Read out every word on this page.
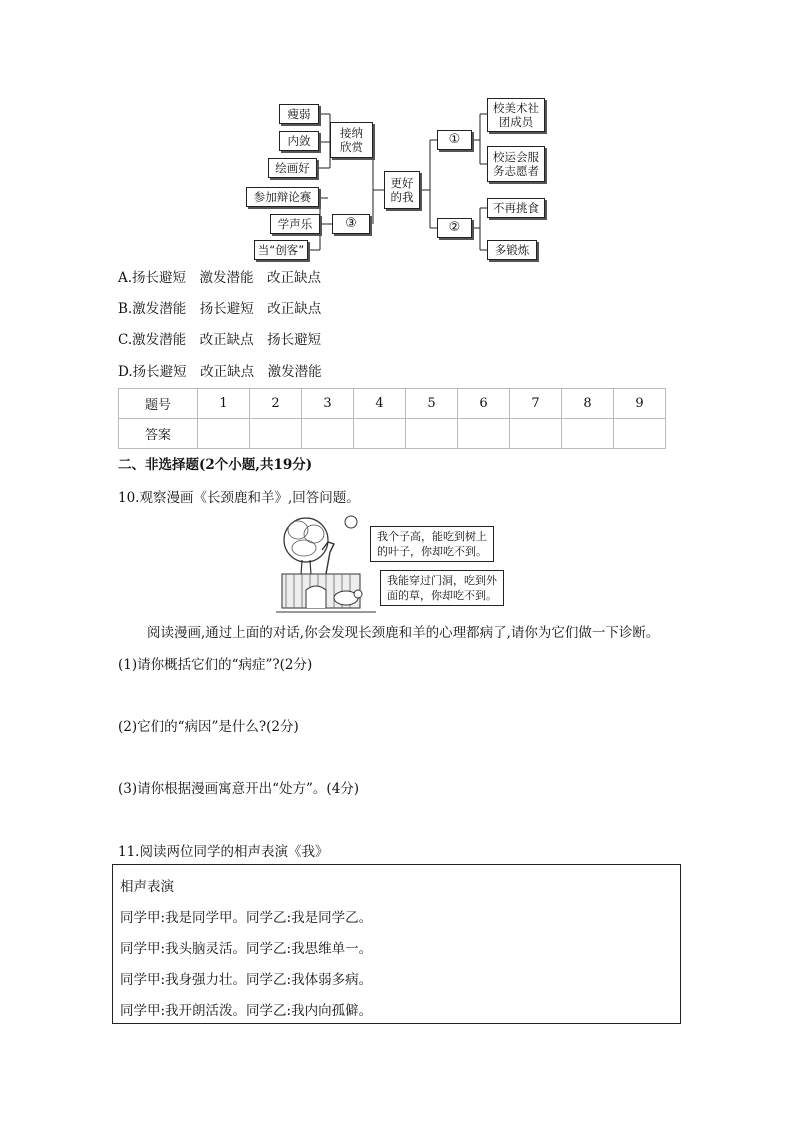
瘦弱
内敛
绘画好
接纳
欣赏
参加辩论赛
学声乐
当“创客”
③
更好
的我
①
②
校美术社
团成员
校运会服
务志愿者
不再挑食
多锻炼
A.扬长避短　激发潜能　改正缺点
B.激发潜能　扬长避短　改正缺点
C.激发潜能　改正缺点　扬长避短
D.扬长避短　改正缺点　激发潜能
题号	1	2	3	4	5	6	7	8	9
答案									
二、非选择题(2个小题,共19分)
10.观察漫画《长颈鹿和羊》,回答问题。
我个子高，能吃到树上
的叶子，你却吃不到。
我能穿过门洞，吃到外
面的草，你却吃不到。
阅读漫画,通过上面的对话,你会发现长颈鹿和羊的心理都病了,请你为它们做一下诊断。
(1)请你概括它们的“病症”?(2分)
(2)它们的“病因”是什么?(2分)
(3)请你根据漫画寓意开出“处方”。(4分)
11.阅读两位同学的相声表演《我》
相声表演
同学甲:我是同学甲。同学乙:我是同学乙。
同学甲:我头脑灵活。同学乙:我思维单一。
同学甲:我身强力壮。同学乙:我体弱多病。
同学甲:我开朗活泼。同学乙:我内向孤僻。
